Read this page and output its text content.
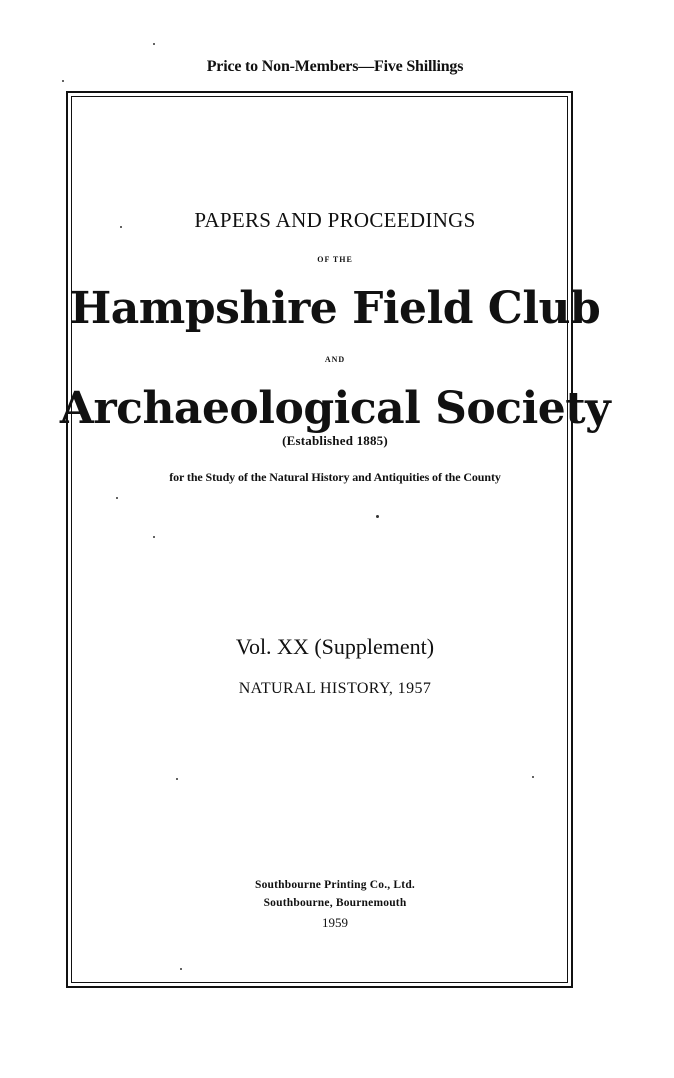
Price to Non-Members—Five Shillings
PAPERS AND PROCEEDINGS
OF THE
Hampshire Field Club
AND
Archaeological Society
(Established 1885)
for the Study of the Natural History and Antiquities of the County
Vol. XX (Supplement)
NATURAL HISTORY, 1957
Southbourne Printing Co., Ltd.
Southbourne, Bournemouth
1959
